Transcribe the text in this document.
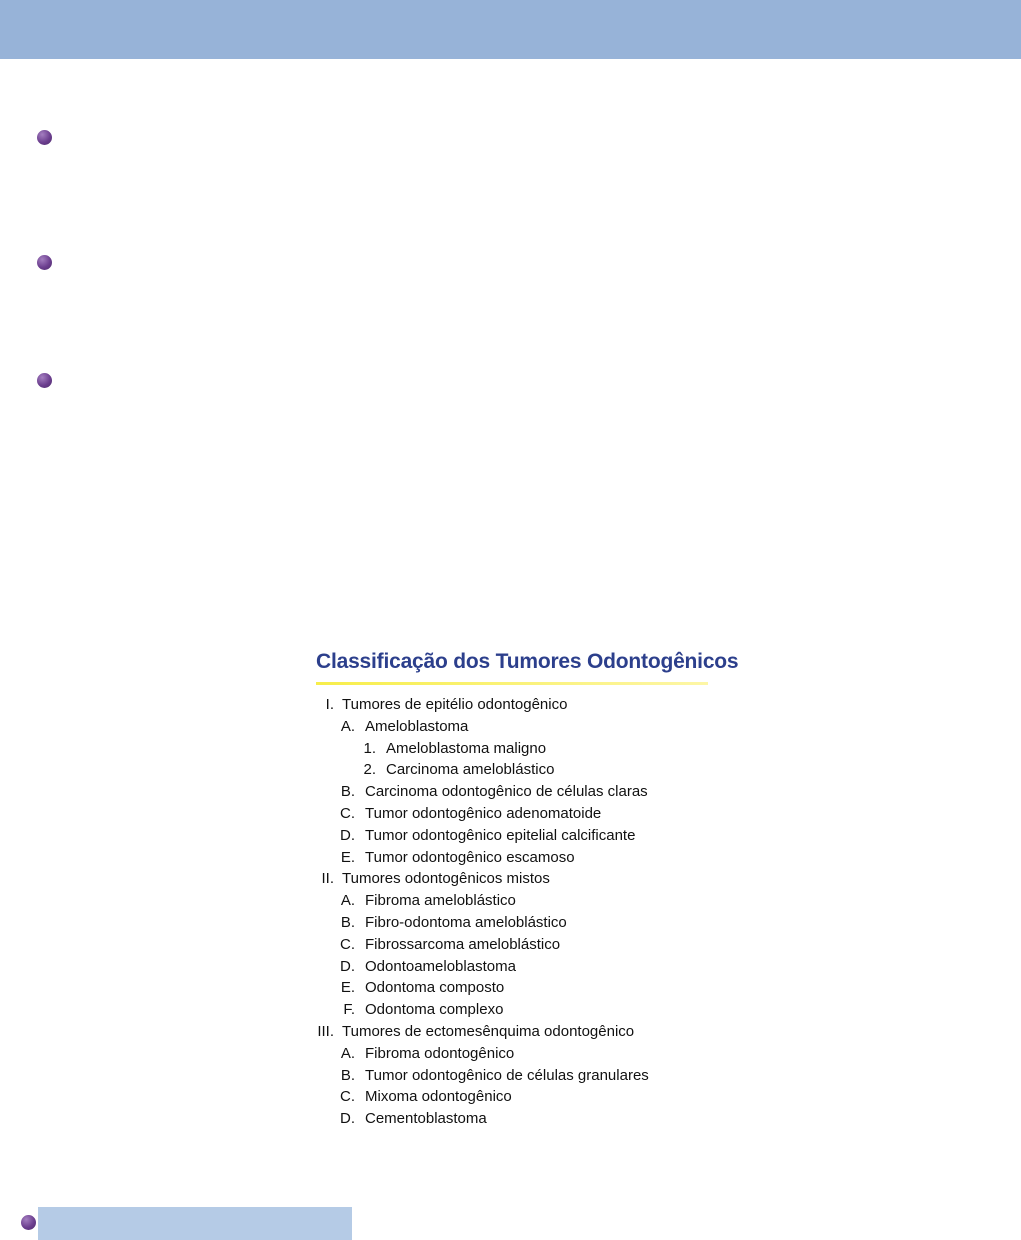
Classificação dos Tumores Odontogênicos
I. Tumores de epitélio odontogênico
A. Ameloblastoma
1. Ameloblastoma maligno
2. Carcinoma ameloblástico
B. Carcinoma odontogênico de células claras
C. Tumor odontogênico adenomatoide
D. Tumor odontogênico epitelial calcificante
E. Tumor odontogênico escamoso
II. Tumores odontogênicos mistos
A. Fibroma ameloblástico
B. Fibro-odontoma ameloblástico
C. Fibrossarcoma ameloblástico
D. Odontoameloblastoma
E. Odontoma composto
F. Odontoma complexo
III. Tumores de ectomesênquima odontogênico
A. Fibroma odontogênico
B. Tumor odontogênico de células granulares
C. Mixoma odontogênico
D. Cementoblastoma
